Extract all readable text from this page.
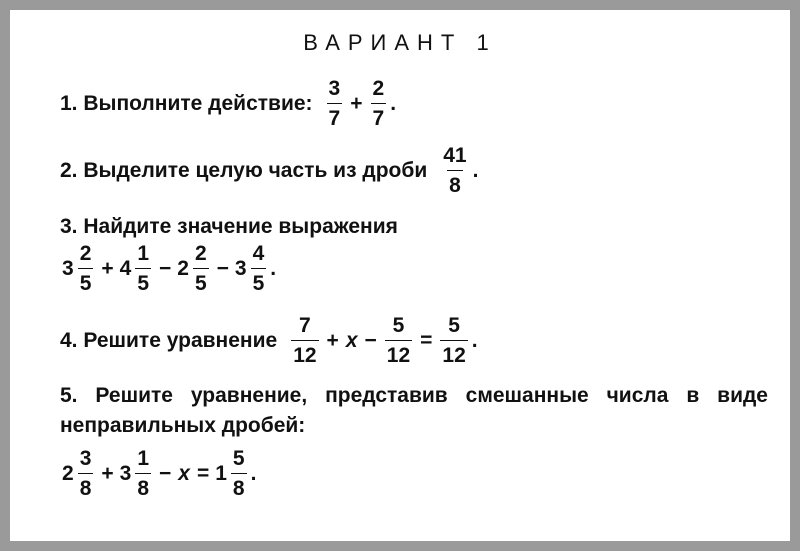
ВАРИАНТ 1
1. Выполните действие: $\frac{3}{7} + \frac{2}{7}$ .
2. Выделите целую часть из дроби $\frac{41}{8}$ .
3. Найдите значение выражения
$3 \frac{2}{5} + 4 \frac{1}{5} - 2 \frac{2}{5} - 3 \frac{4}{5}$ .
4. Решите уравнение $\frac{7}{12} + x - \frac{5}{12} = \frac{5}{12}$ .
5. Решите уравнение, представив смешанные числа в виде неправильных дробей:
$2 \frac{3}{8} + 3 \frac{1}{8} - x = 1 \frac{5}{8}$ .
